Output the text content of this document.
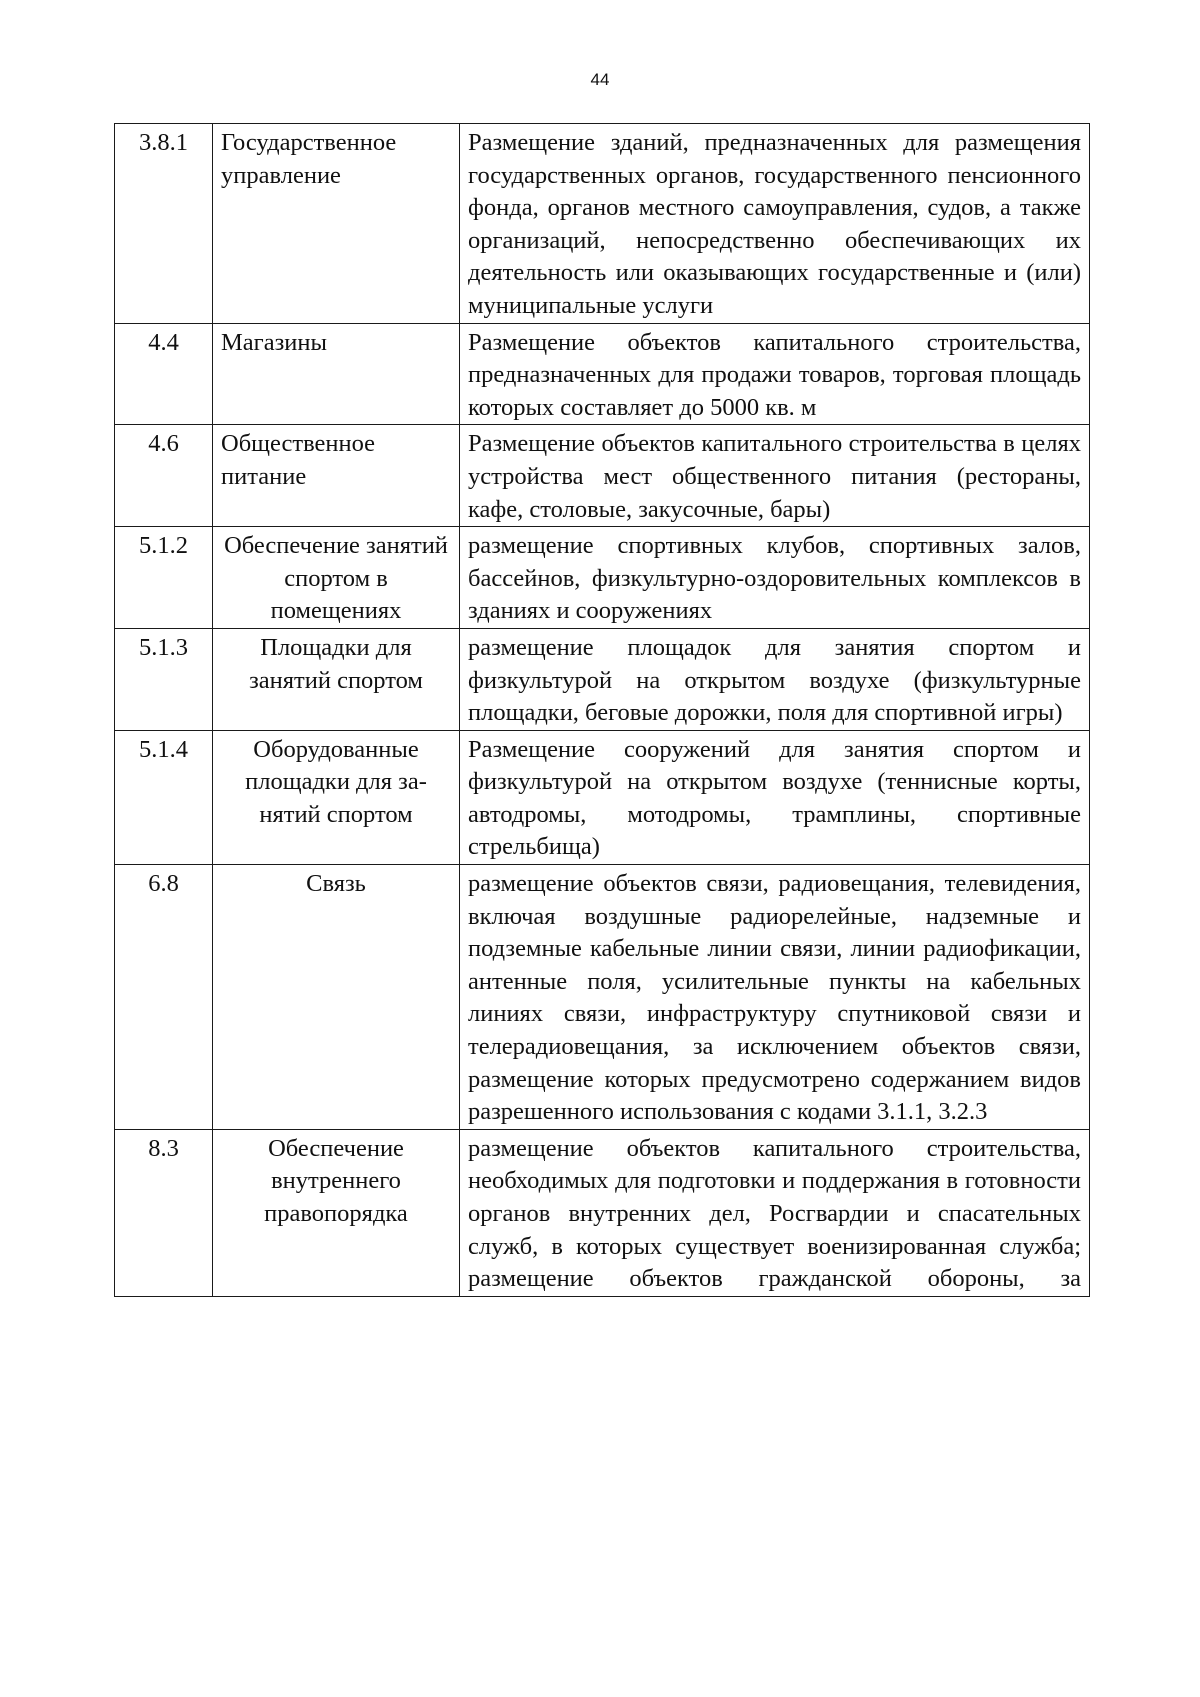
44
3.8.1	Государственное управление	Размещение зданий, предназначенных для размещения государственных органов, государственного пенсионного фонда, органов местного самоуправления, судов, а также организаций, непосредственно обеспечивающих их деятельность или оказывающих государственные и (или) муниципальные услуги
4.4	Магазины	Размещение объектов капитального строительства, предназначенных для продажи товаров, торговая площадь которых составляет до 5000 кв. м
4.6	Общественное питание	Размещение объектов капитального строительства в целях устройства мест общественного питания (рестораны, кафе, столовые, закусочные, бары)
5.1.2	Обеспечение занятий спортом в помещениях	размещение спортивных клубов, спортивных залов, бассейнов, физкультурно-оздоровительных комплексов в зданиях и сооружениях
5.1.3	Площадки для занятий спортом	размещение площадок для занятия спортом и физкультурой на открытом воздухе (физкультурные площадки, беговые дорожки, поля для спортивной игры)
5.1.4	Оборудованные площадки для за-нятий спортом	Размещение сооружений для занятия спортом и физкультурой на открытом воздухе (теннисные корты, автодромы, мотодромы, трамплины, спортивные стрельбища)
6.8	Связь	размещение объектов связи, радиовещания, телевидения, включая воздушные радиорелейные, надземные и подземные кабельные линии связи, линии радиофикации, антенные поля, усилительные пункты на кабельных линиях связи, инфраструктуру спутниковой связи и телерадиовещания, за исключением объектов связи, размещение которых предусмотрено содержанием видов разрешенного использования с кодами 3.1.1, 3.2.3
8.3	Обеспечение внутреннего правопорядка	размещение объектов капитального строительства, необходимых для подготовки и поддержания в готовности органов внутренних дел, Росгвардии и спасательных служб, в которых существует военизированная служба; размещение объектов гражданской обороны, за
